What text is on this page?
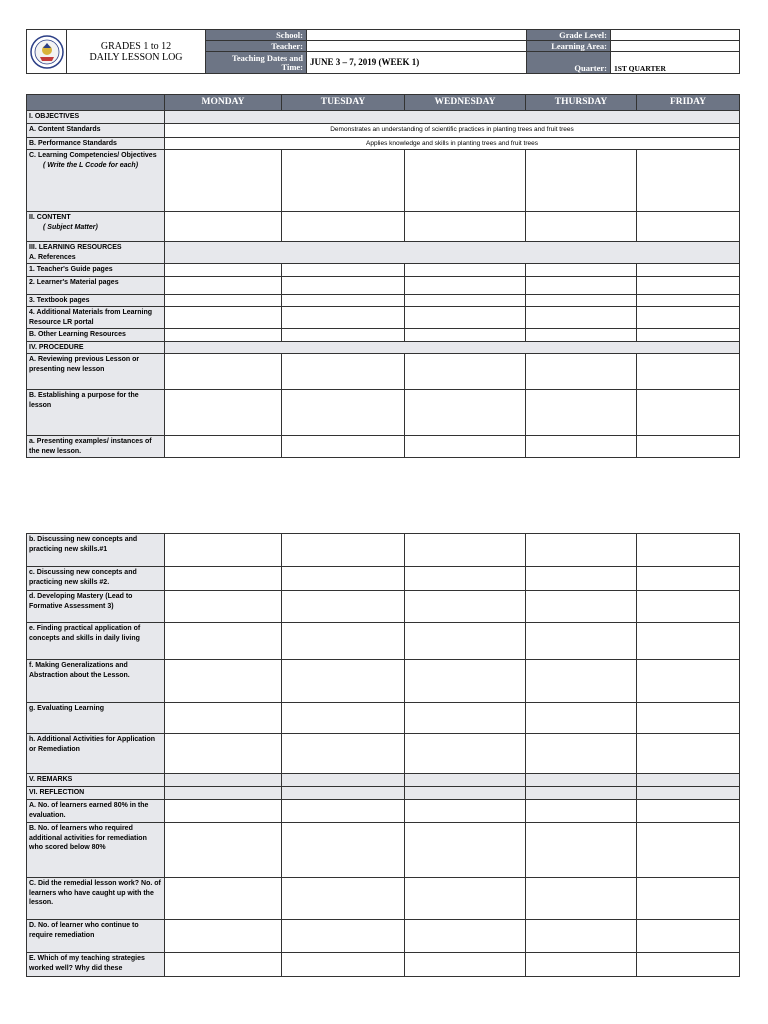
GRADES 1 to 12
DAILY LESSON LOG	School:		Grade Level:	
		Teacher:		Learning Area:	
		Teaching Dates and Time:	JUNE 3 – 7, 2019 (WEEK 1)	Quarter:	1ST QUARTER
	MONDAY	TUESDAY	WEDNESDAY	THURSDAY	FRIDAY
I. OBJECTIVES					
A. Content Standards	Demonstrates an understanding of scientific practices in planting trees and fruit trees				
B. Performance Standards	Applies knowledge and skills in planting trees and fruit trees				

C. Learning Competencies/ Objectives
( Write the L Ccode for each)					

II. CONTENT
( Subject Matter)					

III. LEARNING RESOURCES
A. References					

1. Teacher's Guide pages					
2. Learner's Material pages					
3. Textbook pages					
4. Additional Materials from Learning Resource LR portal					
B. Other Learning Resources					
IV. PROCEDURE					
A. Reviewing previous Lesson or presenting new lesson					
B. Establishing a purpose for the lesson					
a. Presenting examples/ instances of the new lesson.					
b. Discussing new concepts and practicing new skills.#1					
c. Discussing new concepts and practicing new skills #2.					
d. Developing Mastery (Lead to Formative Assessment 3)					
e. Finding practical application of concepts and skills in daily living					
f. Making Generalizations and Abstraction about the Lesson.					
g. Evaluating Learning					
h. Additional Activities for Application or Remediation					
V. REMARKS					
VI. REFLECTION					
A. No. of learners earned 80% in the evaluation.					
B. No. of learners who required additional activities for remediation who scored below 80%					
C. Did the remedial lesson work? No. of learners who have caught up with the lesson.					
D. No. of learner who continue to require remediation					
E. Which of my teaching strategies worked well? Why did these					
